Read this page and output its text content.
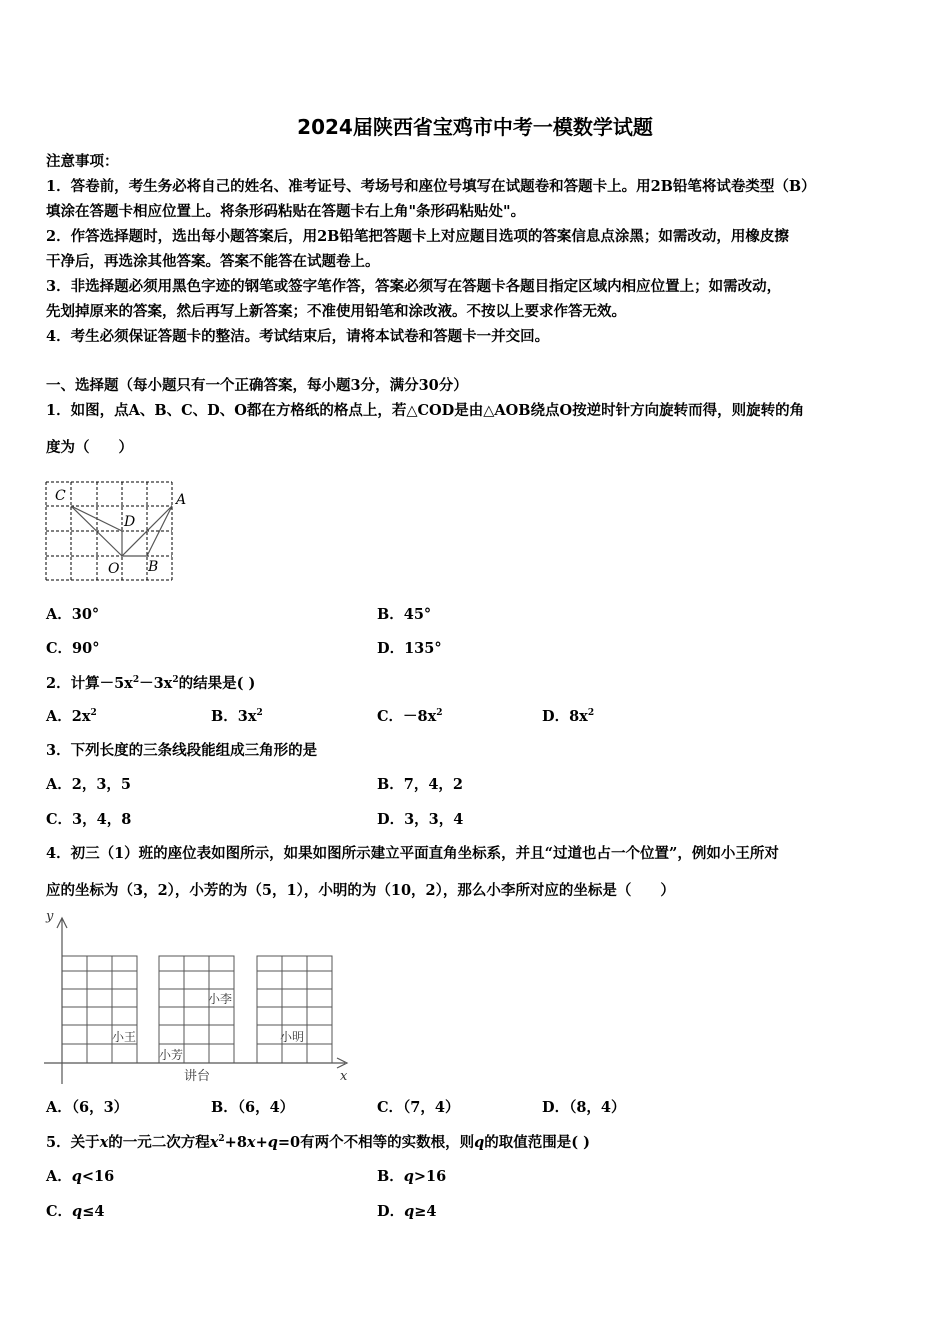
2024届陕西省宝鸡市中考一模数学试题
注意事项：
1．答卷前，考生务必将自己的姓名、准考证号、考场号和座位号填写在试题卷和答题卡上。用2B铅笔将试卷类型（B）
填涂在答题卡相应位置上。将条形码粘贴在答题卡右上角"条形码粘贴处"。
2．作答选择题时，选出每小题答案后，用2B铅笔把答题卡上对应题目选项的答案信息点涂黑；如需改动，用橡皮擦
干净后，再选涂其他答案。答案不能答在试题卷上。
3．非选择题必须用黑色字迹的钢笔或签字笔作答，答案必须写在答题卡各题目指定区域内相应位置上；如需改动，
先划掉原来的答案，然后再写上新答案；不准使用铅笔和涂改液。不按以上要求作答无效。
4．考生必须保证答题卡的整洁。考试结束后，请将本试卷和答题卡一并交回。
一、选择题（每小题只有一个正确答案，每小题3分，满分30分）
1．如图，点A、B、C、D、O都在方格纸的格点上，若△COD是由△AOB绕点O按逆时针方向旋转而得，则旋转的角
度为（　　）
C	A
D
O B
A．30°	B．45°
C．90°	D．135°
2．计算$-5x^2-3x^2$的结果是( )
A．$2x^2$	B．$3x^2$	C．$-8x^2$	D．$8x^2$
3．下列长度的三条线段能组成三角形的是
A．2，3，5	B．7，4，2
C．3，4，8	D．3，3，4
4．初三（1）班的座位表如图所示，如果如图所示建立平面直角坐标系，并且“过道也占一个位置”，例如小王所对
应的坐标为（3，2），小芳的为（5，1），小明的为（10，2），那么小李所对应的坐标是（　　）
y
x
小王
小芳
小李
小明
讲台
A．（6，3）	B．（6，4）	C．（7，4）	D．（8，4）
5．关于x的一元二次方程$x^2+8x+q=0$有两个不相等的实数根，则q的取值范围是( )
A．q<16	B．q>16
C．q≤4	D．q≥4
